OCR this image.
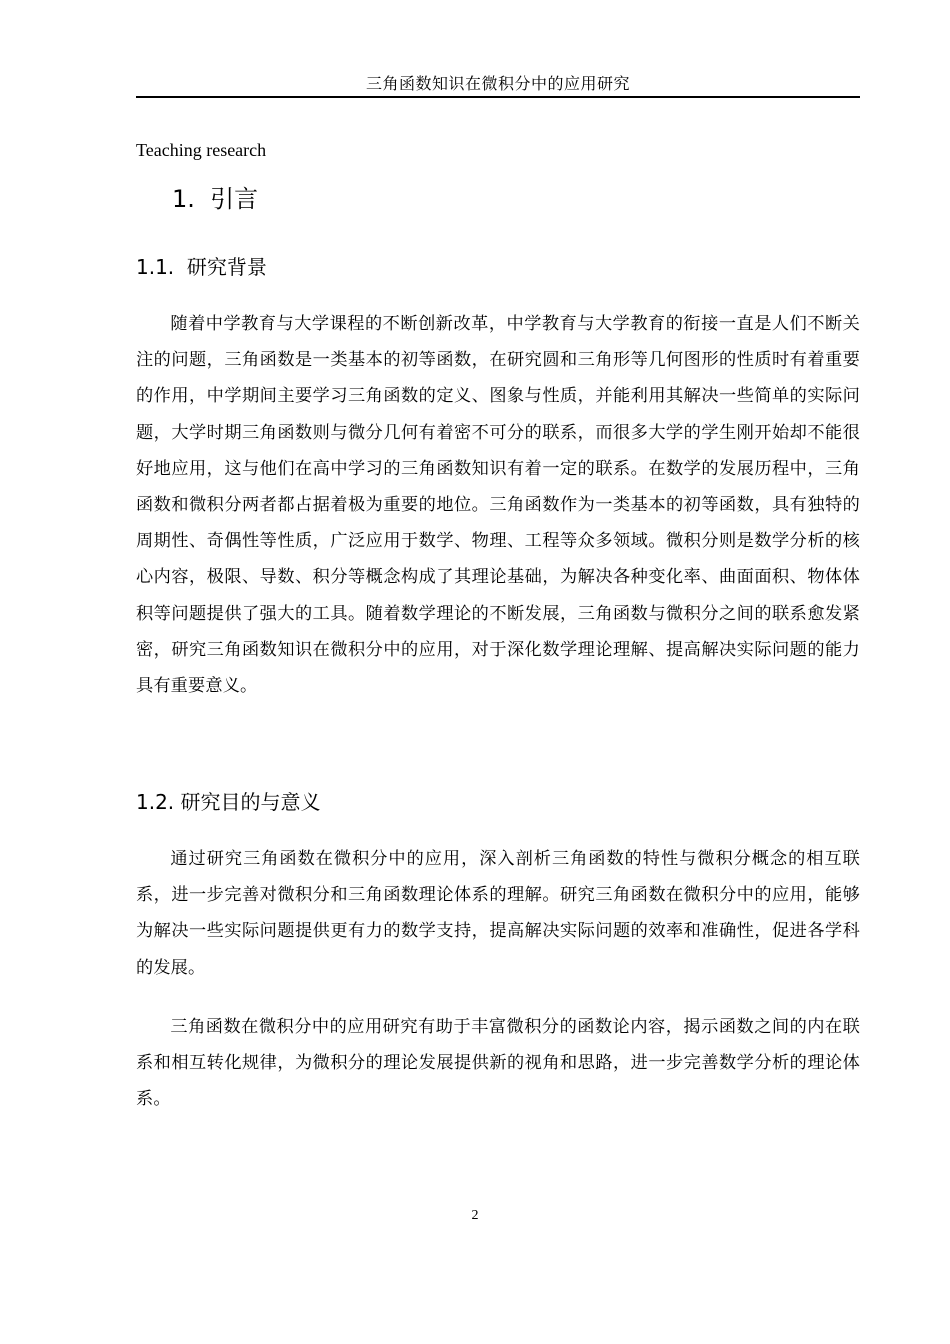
三角函数知识在微积分中的应用研究
Teaching research
1.  引言
1.1.  研究背景
随着中学教育与大学课程的不断创新改革，中学教育与大学教育的衔接一直是人们不断关注的问题，三角函数是一类基本的初等函数，在研究圆和三角形等几何图形的性质时有着重要的作用，中学期间主要学习三角函数的定义、图象与性质，并能利用其解决一些简单的实际问题，大学时期三角函数则与微分几何有着密不可分的联系，而很多大学的学生刚开始却不能很好地应用，这与他们在高中学习的三角函数知识有着一定的联系。在数学的发展历程中，三角函数和微积分两者都占据着极为重要的地位。三角函数作为一类基本的初等函数，具有独特的周期性、奇偶性等性质，广泛应用于数学、物理、工程等众多领域。微积分则是数学分析的核心内容，极限、导数、积分等概念构成了其理论基础，为解决各种变化率、曲面面积、物体体积等问题提供了强大的工具。随着数学理论的不断发展，三角函数与微积分之间的联系愈发紧密，研究三角函数知识在微积分中的应用，对于深化数学理论理解、提高解决实际问题的能力具有重要意义。
1.2. 研究目的与意义
通过研究三角函数在微积分中的应用，深入剖析三角函数的特性与微积分概念的相互联系，进一步完善对微积分和三角函数理论体系的理解。研究三角函数在微积分中的应用，能够为解决一些实际问题提供更有力的数学支持，提高解决实际问题的效率和准确性，促进各学科的发展。
三角函数在微积分中的应用研究有助于丰富微积分的函数论内容，揭示函数之间的内在联系和相互转化规律，为微积分的理论发展提供新的视角和思路，进一步完善数学分析的理论体系。
2
